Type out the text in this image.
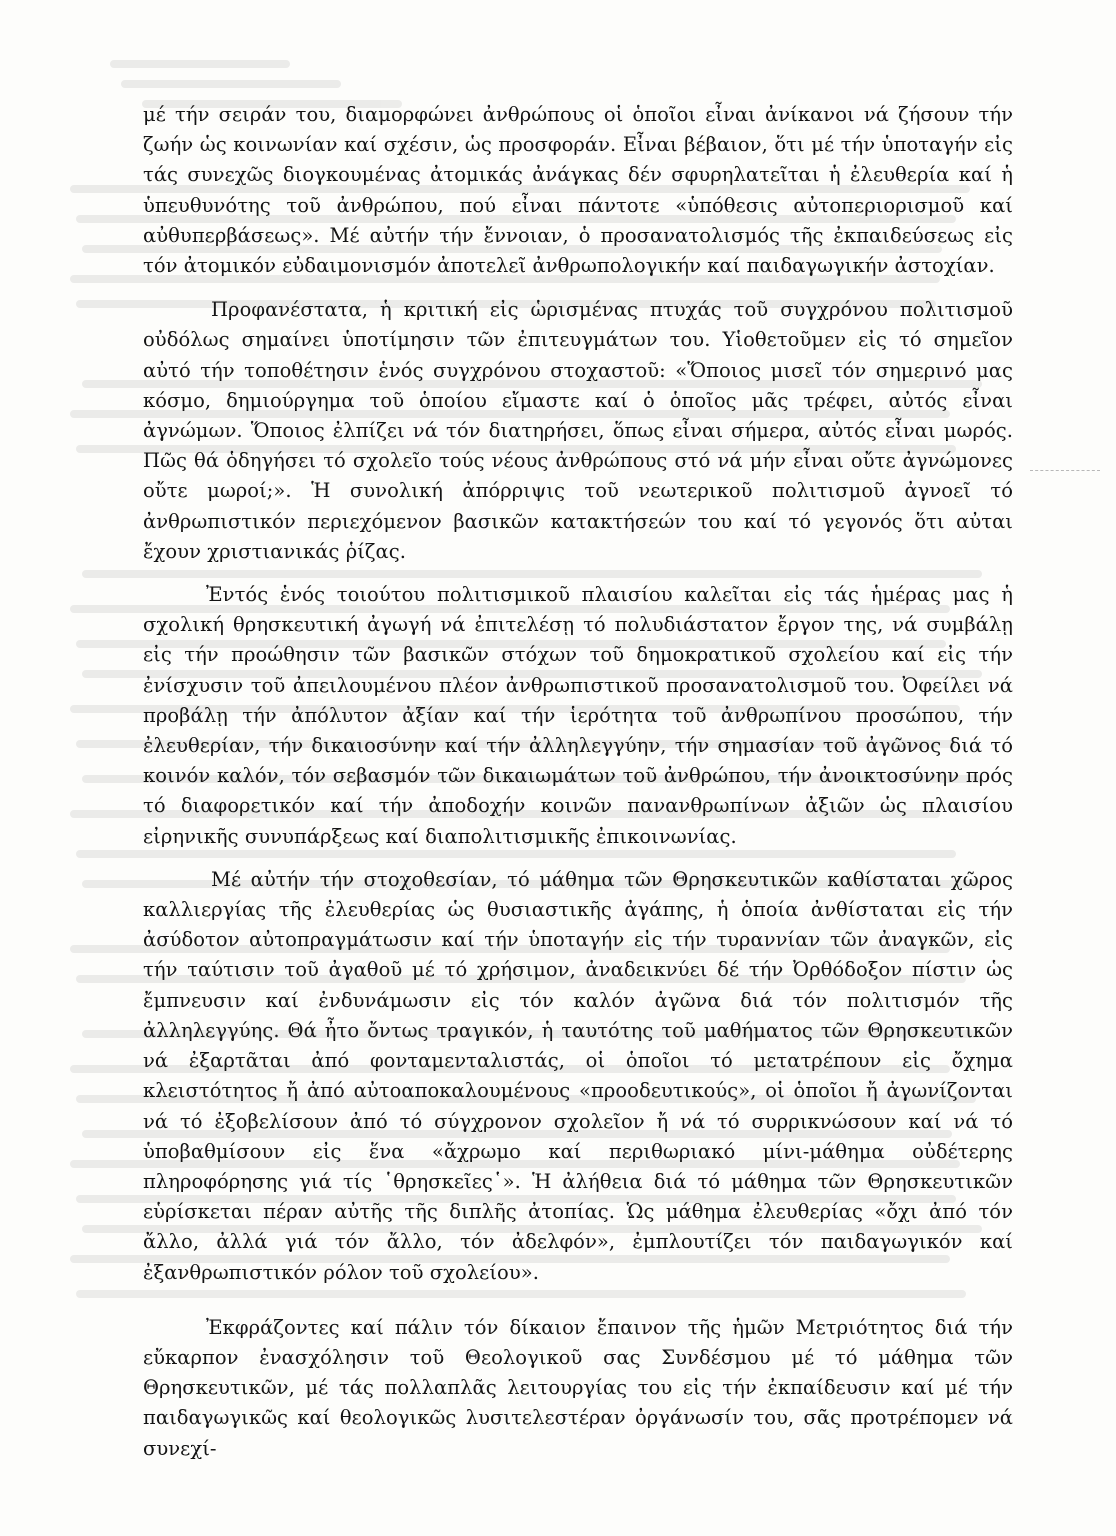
μέ τήν σειράν του, διαμορφώνει ἀνθρώπους οἱ ὁποῖοι εἶναι ἀνίκανοι νά ζήσουν τήν ζωήν ὡς κοινωνίαν καί σχέσιν, ὡς προσφοράν. Εἶναι βέβαιον, ὅτι μέ τήν ὑποταγήν εἰς τάς συνεχῶς διογκουμένας ἀτομικάς ἀνάγκας δέν σφυρηλατεῖται ἡ ἐλευθερία καί ἡ ὑπευθυνότης τοῦ ἀνθρώπου, πού εἶναι πάντοτε «ὑπόθεσις αὐτοπεριορισμοῦ καί αὐθυπερβάσεως». Μέ αὐτήν τήν ἔννοιαν, ὁ προσανατολισμός τῆς ἐκπαιδεύσεως εἰς τόν ἀτομικόν εὐδαιμονισμόν ἀποτελεῖ ἀνθρωπολογικήν καί παιδαγωγικήν ἀστοχίαν.

Προφανέστατα, ἡ κριτική εἰς ὡρισμένας πτυχάς τοῦ συγχρόνου πολιτισμοῦ οὐδόλως σημαίνει ὑποτίμησιν τῶν ἐπιτευγμάτων του. Υἱοθετοῦμεν εἰς τό σημεῖον αὐτό τήν τοποθέτησιν ἑνός συγχρόνου στοχαστοῦ: «Ὅποιος μισεῖ τόν σημερινό μας κόσμο, δημιούργημα τοῦ ὁποίου εἴμαστε καί ὁ ὁποῖος μᾶς τρέφει, αὐτός εἶναι ἀγνώμων. Ὅποιος ἐλπίζει νά τόν διατηρήσει, ὅπως εἶναι σήμερα, αὐτός εἶναι μωρός. Πῶς θά ὁδηγήσει τό σχολεῖο τούς νέους ἀνθρώπους στό νά μήν εἶναι οὔτε ἀγνώμονες οὔτε μωροί;». Ἡ συνολική ἀπόρριψις τοῦ νεωτερικοῦ πολιτισμοῦ ἀγνοεῖ τό ἀνθρωπιστικόν περιεχόμενον βασικῶν κατακτήσεών του καί τό γεγονός ὅτι αὐται ἔχουν χριστιανικάς ῥίζας.

Ἐντός ἑνός τοιούτου πολιτισμικοῦ πλαισίου καλεῖται εἰς τάς ἡμέρας μας ἡ σχολική θρησκευτική ἀγωγή νά ἐπιτελέσῃ τό πολυδιάστατον ἔργον της, νά συμβάλῃ εἰς τήν προώθησιν τῶν βασικῶν στόχων τοῦ δημοκρατικοῦ σχολείου καί εἰς τήν ἐνίσχυσιν τοῦ ἀπειλουμένου πλέον ἀνθρωπιστικοῦ προσανατολισμοῦ του. Ὀφείλει νά προβάλῃ τήν ἀπόλυτον ἀξίαν καί τήν ἱερότητα τοῦ ἀνθρωπίνου προσώπου, τήν ἐλευθερίαν, τήν δικαιοσύνην καί τήν ἀλληλεγγύην, τήν σημασίαν τοῦ ἀγῶνος διά τό κοινόν καλόν, τόν σεβασμόν τῶν δικαιωμάτων τοῦ ἀνθρώπου, τήν ἀνοικτοσύνην πρός τό διαφορετικόν καί τήν ἀποδοχήν κοινῶν πανανθρωπίνων ἀξιῶν ὡς πλαισίου εἰρηνικῆς συνυπάρξεως καί διαπολιτισμικῆς ἐπικοινωνίας.

Μέ αὐτήν τήν στοχοθεσίαν, τό μάθημα τῶν Θρησκευτικῶν καθίσταται χῶρος καλλιεργίας τῆς ἐλευθερίας ὡς θυσιαστικῆς ἀγάπης, ἡ ὁποία ἀνθίσταται εἰς τήν ἀσύδοτον αὐτοπραγμάτωσιν καί τήν ὑποταγήν εἰς τήν τυραννίαν τῶν ἀναγκῶν, εἰς τήν ταύτισιν τοῦ ἀγαθοῦ μέ τό χρήσιμον, ἀναδεικνύει δέ τήν Ὀρθόδοξον πίστιν ὡς ἔμπνευσιν καί ἐνδυνάμωσιν εἰς τόν καλόν ἀγῶνα διά τόν πολιτισμόν τῆς ἀλληλεγγύης. Θά ἦτο ὄντως τραγικόν, ἡ ταυτότης τοῦ μαθήματος τῶν Θρησκευτικῶν νά ἐξαρτᾶται ἀπό φονταμενταλιστάς, οἱ ὁποῖοι τό μετατρέπουν εἰς ὄχημα κλειστότητος ἤ ἀπό αὐτοαποκαλουμένους «προοδευτικούς», οἱ ὁποῖοι ἤ ἀγωνίζονται νά τό ἐξοβελίσουν ἀπό τό σύγχρονον σχολεῖον ἤ νά τό συρρικνώσουν καί νά τό ὑποβαθμίσουν εἰς ἕνα «ἄχρωμο καί περιθωριακό μίνι-μάθημα οὐδέτερης πληροφόρησης γιά τίς ῾θρησκεῖες῾». Ἡ ἀλήθεια διά τό μάθημα τῶν Θρησκευτικῶν εὑρίσκεται πέραν αὐτῆς τῆς διπλῆς ἀτοπίας. Ὡς μάθημα ἐλευθερίας «ὄχι ἀπό τόν ἄλλο, ἀλλά γιά τόν ἄλλο, τόν ἀδελφόν», ἐμπλουτίζει τόν παιδαγωγικόν καί ἐξανθρωπιστικόν ρόλον τοῦ σχολείου».

Ἐκφράζοντες καί πάλιν τόν δίκαιον ἔπαινον τῆς ἡμῶν Μετριότητος διά τήν εὔκαρπον ἐνασχόλησιν τοῦ Θεολογικοῦ σας Συνδέσμου μέ τό μάθημα τῶν Θρησκευτικῶν, μέ τάς πολλαπλᾶς λειτουργίας του εἰς τήν ἐκπαίδευσιν καί μέ τήν παιδαγωγικῶς καί θεολογικῶς λυσιτελεστέραν ὀργάνωσίν του, σᾶς προτρέπομεν νά συνεχί-
